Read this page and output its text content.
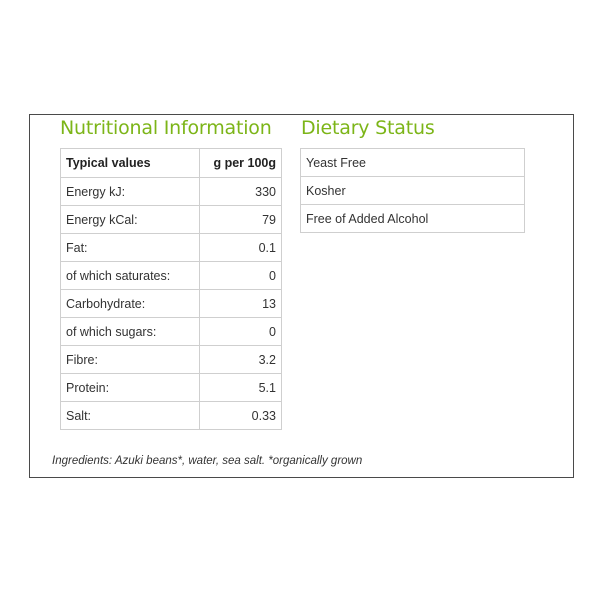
Nutritional Information Dietary Status
Typical values	g per 100g
Energy kJ:	330
Energy kCal:	79
Fat:	0.1
of which saturates:	0
Carbohydrate:	13
of which sugars:	0
Fibre:	3.2
Protein:	5.1
Salt:	0.33
Yeast Free
Kosher
Free of Added Alcohol

Ingredients: Azuki beans*, water, sea salt. *organically grown
